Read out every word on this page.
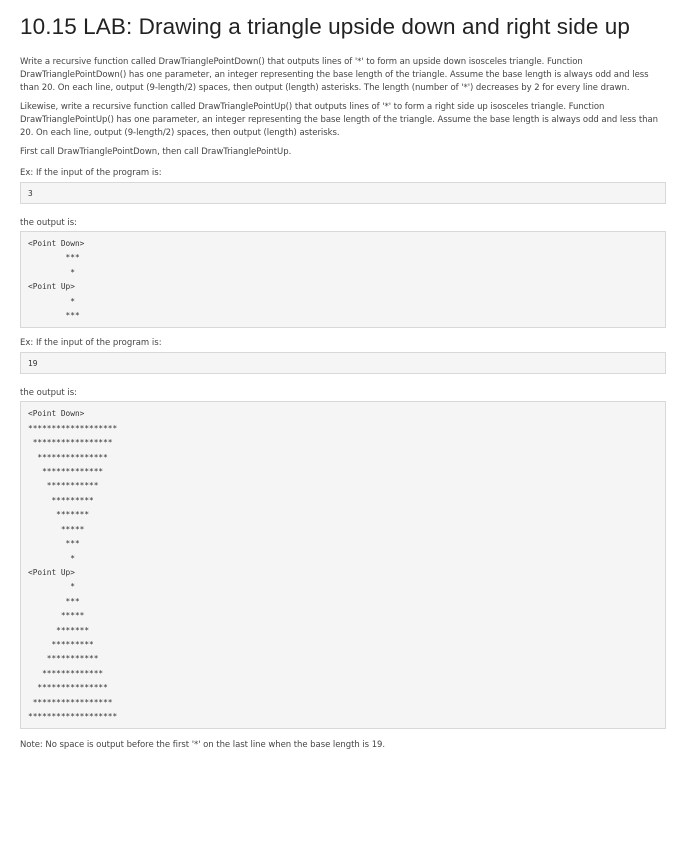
10.15 LAB: Drawing a triangle upside down and right side up

Write a recursive function called DrawTrianglePointDown() that outputs lines of '*' to form an upside down isosceles triangle. Function DrawTrianglePointDown() has one parameter, an integer representing the base length of the triangle. Assume the base length is always odd and less than 20. On each line, output (9-length/2) spaces, then output (length) asterisks. The length (number of '*') decreases by 2 for every line drawn.

Likewise, write a recursive function called DrawTrianglePointUp() that outputs lines of '*' to form a right side up isosceles triangle. Function DrawTrianglePointUp() has one parameter, an integer representing the base length of the triangle. Assume the base length is always odd and less than 20. On each line, output (9-length/2) spaces, then output (length) asterisks.

First call DrawTrianglePointDown, then call DrawTrianglePointUp.

Ex: If the input of the program is:

3

the output is:

<Point Down>
***
*
<Point Up>
*
***

Ex: If the input of the program is:

19

the output is:

<Point Down>
*******************
*****************
***************
*************
***********
*********
*******
*****
***
*
<Point Up>
*
***
*****
*******
*********
***********
*************
***************
*****************
*******************

Note: No space is output before the first '*' on the last line when the base length is 19.
